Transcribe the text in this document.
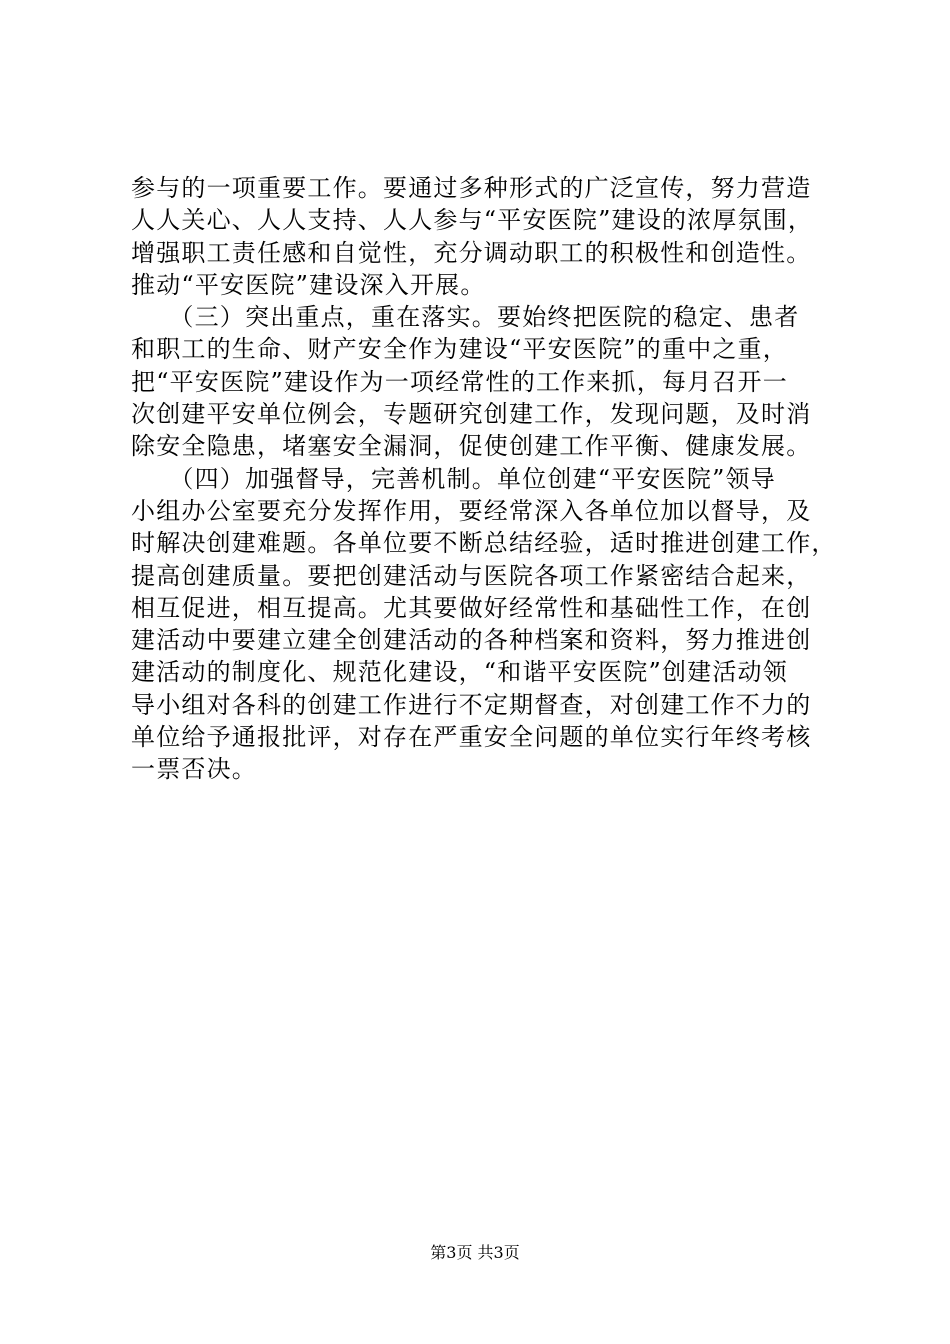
参与的一项重要工作。要通过多种形式的广泛宣传，努力营造
人人关心、人人支持、人人参与“平安医院”建设的浓厚氛围，
增强职工责任感和自觉性，充分调动职工的积极性和创造性。
推动“平安医院”建设深入开展。
　　（三）突出重点，重在落实。要始终把医院的稳定、患者
和职工的生命、财产安全作为建设“平安医院”的重中之重，
把“平安医院”建设作为一项经常性的工作来抓，每月召开一
次创建平安单位例会，专题研究创建工作，发现问题，及时消
除安全隐患，堵塞安全漏洞，促使创建工作平衡、健康发展。
　　（四）加强督导，完善机制。单位创建“平安医院”领导
小组办公室要充分发挥作用，要经常深入各单位加以督导，及
时解决创建难题。各单位要不断总结经验，适时推进创建工作，
提高创建质量。要把创建活动与医院各项工作紧密结合起来，
相互促进，相互提高。尤其要做好经常性和基础性工作，在创
建活动中要建立建全创建活动的各种档案和资料，努力推进创
建活动的制度化、规范化建设，“和谐平安医院”创建活动领
导小组对各科的创建工作进行不定期督查，对创建工作不力的
单位给予通报批评，对存在严重安全问题的单位实行年终考核
一票否决。
第3页 共3页
